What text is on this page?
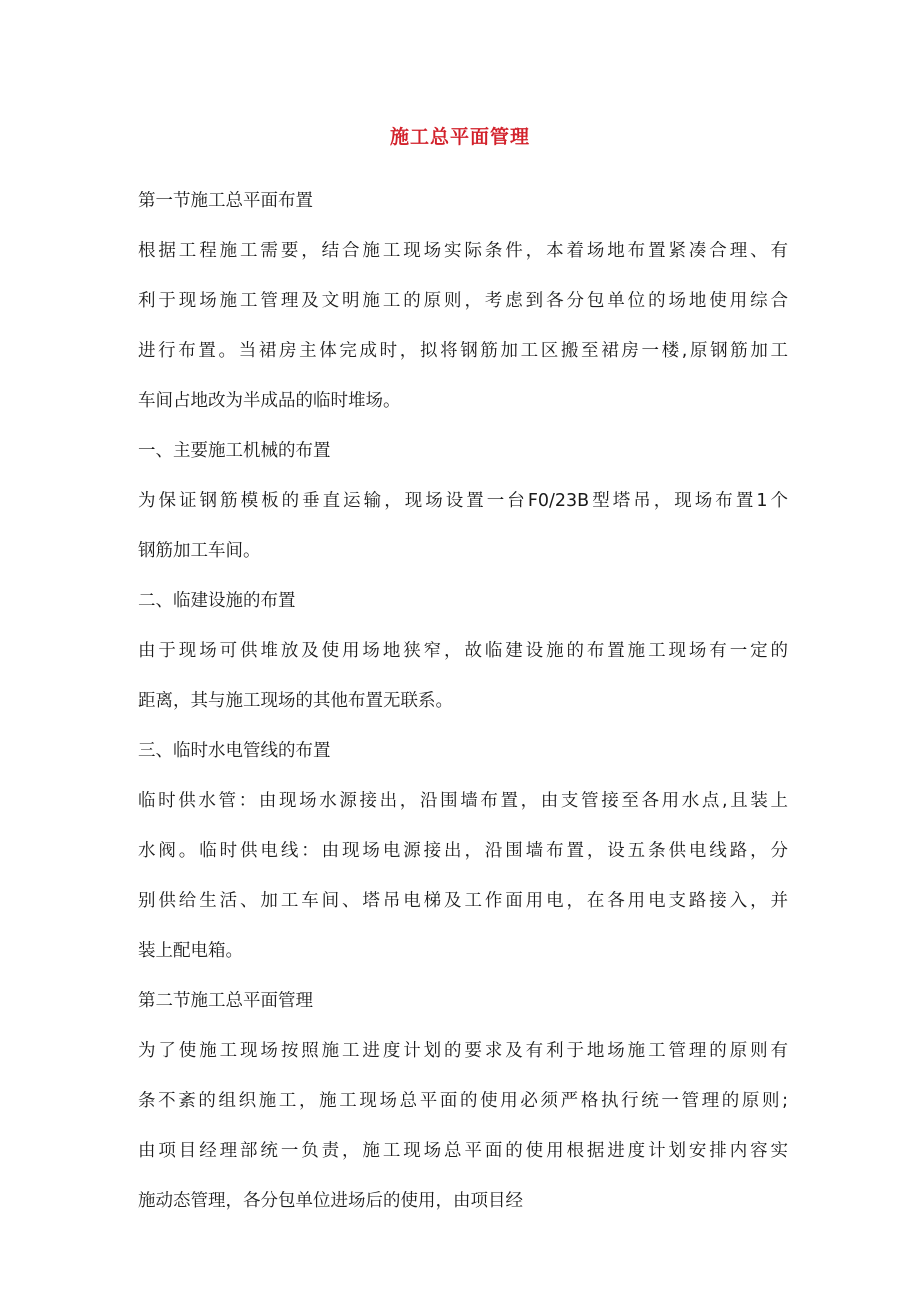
施工总平面管理
第一节施工总平面布置
根据工程施工需要，结合施工现场实际条件，本着场地布置紧凑合理、有
利于现场施工管理及文明施工的原则，考虑到各分包单位的场地使用综合
进行布置。当裙房主体完成时，拟将钢筋加工区搬至裙房一楼,原钢筋加工
车间占地改为半成品的临时堆场。
一、主要施工机械的布置
为保证钢筋模板的垂直运输，现场设置一台F0/23B型塔吊，现场布置1个
钢筋加工车间。
二、临建设施的布置
由于现场可供堆放及使用场地狭窄，故临建设施的布置施工现场有一定的
距离，其与施工现场的其他布置无联系。
三、临时水电管线的布置
临时供水管：由现场水源接出，沿围墙布置，由支管接至各用水点,且装上
水阀。临时供电线：由现场电源接出，沿围墙布置，设五条供电线路，分
别供给生活、加工车间、塔吊电梯及工作面用电，在各用电支路接入，并
装上配电箱。
第二节施工总平面管理
为了使施工现场按照施工进度计划的要求及有利于地场施工管理的原则有
条不紊的组织施工，施工现场总平面的使用必须严格执行统一管理的原则;
由项目经理部统一负责，施工现场总平面的使用根据进度计划安排内容实
施动态管理，各分包单位进场后的使用，由项目经
